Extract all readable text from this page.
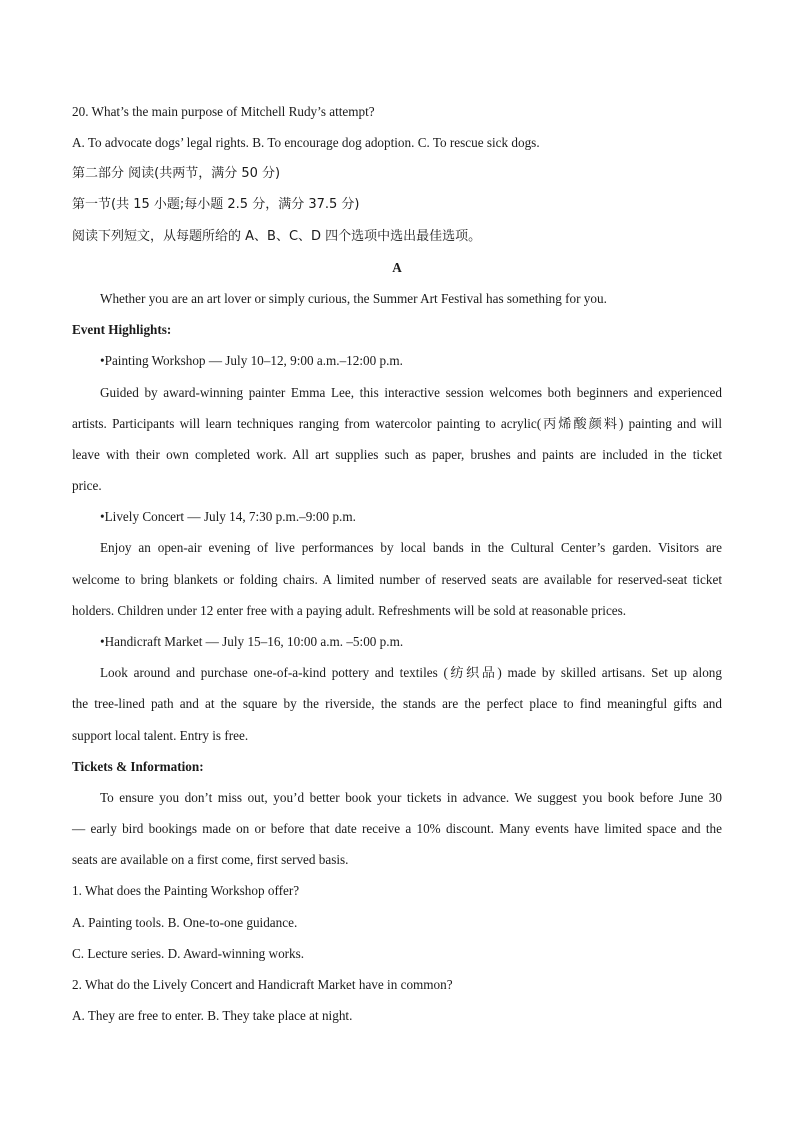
20. What’s the main purpose of Mitchell Rudy’s attempt?
A. To advocate dogs’ legal rights. B. To encourage dog adoption. C. To rescue sick dogs.
第二部分 阅读(共两节，满分 50 分)
第一节(共 15 小题;每小题 2.5 分，满分 37.5 分)
阅读下列短文，从每题所给的 A、B、C、D 四个选项中选出最佳选项。
A
Whether you are an art lover or simply curious, the Summer Art Festival has something for you.
Event Highlights:
•Painting Workshop — July 10–12, 9:00 a.m.–12:00 p.m.
Guided by award-winning painter Emma Lee, this interactive session welcomes both beginners and experienced
artists. Participants will learn techniques ranging from watercolor painting to acrylic(丙烯酸颜料) painting and will
leave with their own completed work. All art supplies such as paper, brushes and paints are included in the ticket
price.
•Lively Concert — July 14, 7:30 p.m.–9:00 p.m.
Enjoy an open-air evening of live performances by local bands in the Cultural Center’s garden. Visitors are
welcome to bring blankets or folding chairs. A limited number of reserved seats are available for reserved-seat ticket
holders. Children under 12 enter free with a paying adult. Refreshments will be sold at reasonable prices.
•Handicraft Market — July 15–16, 10:00 a.m. –5:00 p.m.
Look around and purchase one-of-a-kind pottery and textiles (纺织品) made by skilled artisans. Set up along
the tree-lined path and at the square by the riverside, the stands are the perfect place to find meaningful gifts and
support local talent. Entry is free.
Tickets & Information:
To ensure you don’t miss out, you’d better book your tickets in advance. We suggest you book before June 30
— early bird bookings made on or before that date receive a 10% discount. Many events have limited space and the
seats are available on a first come, first served basis.
1. What does the Painting Workshop offer?
A. Painting tools. B. One-to-one guidance.
C. Lecture series. D. Award-winning works.
2. What do the Lively Concert and Handicraft Market have in common?
A. They are free to enter. B. They take place at night.
